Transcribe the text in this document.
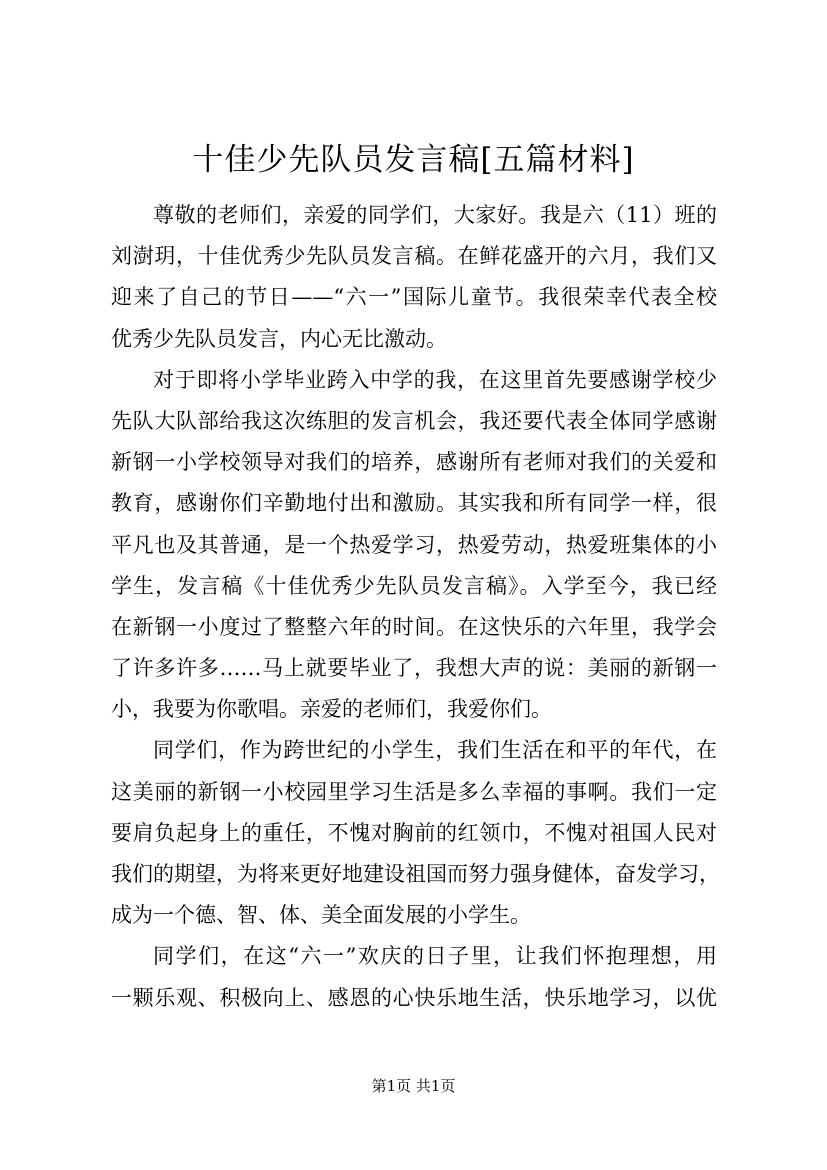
十佳少先队员发言稿[五篇材料]
尊敬的老师们，亲爱的同学们，大家好。我是六（11）班的
刘澍玥，十佳优秀少先队员发言稿。在鲜花盛开的六月，我们又
迎来了自己的节日——“六一”国际儿童节。我很荣幸代表全校
优秀少先队员发言，内心无比激动。
对于即将小学毕业跨入中学的我，在这里首先要感谢学校少
先队大队部给我这次练胆的发言机会，我还要代表全体同学感谢
新钢一小学校领导对我们的培养，感谢所有老师对我们的关爱和
教育，感谢你们辛勤地付出和激励。其实我和所有同学一样，很
平凡也及其普通，是一个热爱学习，热爱劳动，热爱班集体的小
学生，发言稿《十佳优秀少先队员发言稿》。入学至今，我已经
在新钢一小度过了整整六年的时间。在这快乐的六年里，我学会
了许多许多……马上就要毕业了，我想大声的说：美丽的新钢一
小，我要为你歌唱。亲爱的老师们，我爱你们。
同学们，作为跨世纪的小学生，我们生活在和平的年代，在
这美丽的新钢一小校园里学习生活是多么幸福的事啊。我们一定
要肩负起身上的重任，不愧对胸前的红领巾，不愧对祖国人民对
我们的期望，为将来更好地建设祖国而努力强身健体，奋发学习，
成为一个德、智、体、美全面发展的小学生。
同学们，在这“六一”欢庆的日子里，让我们怀抱理想，用
一颗乐观、积极向上、感恩的心快乐地生活，快乐地学习，以优
第1页 共1页
